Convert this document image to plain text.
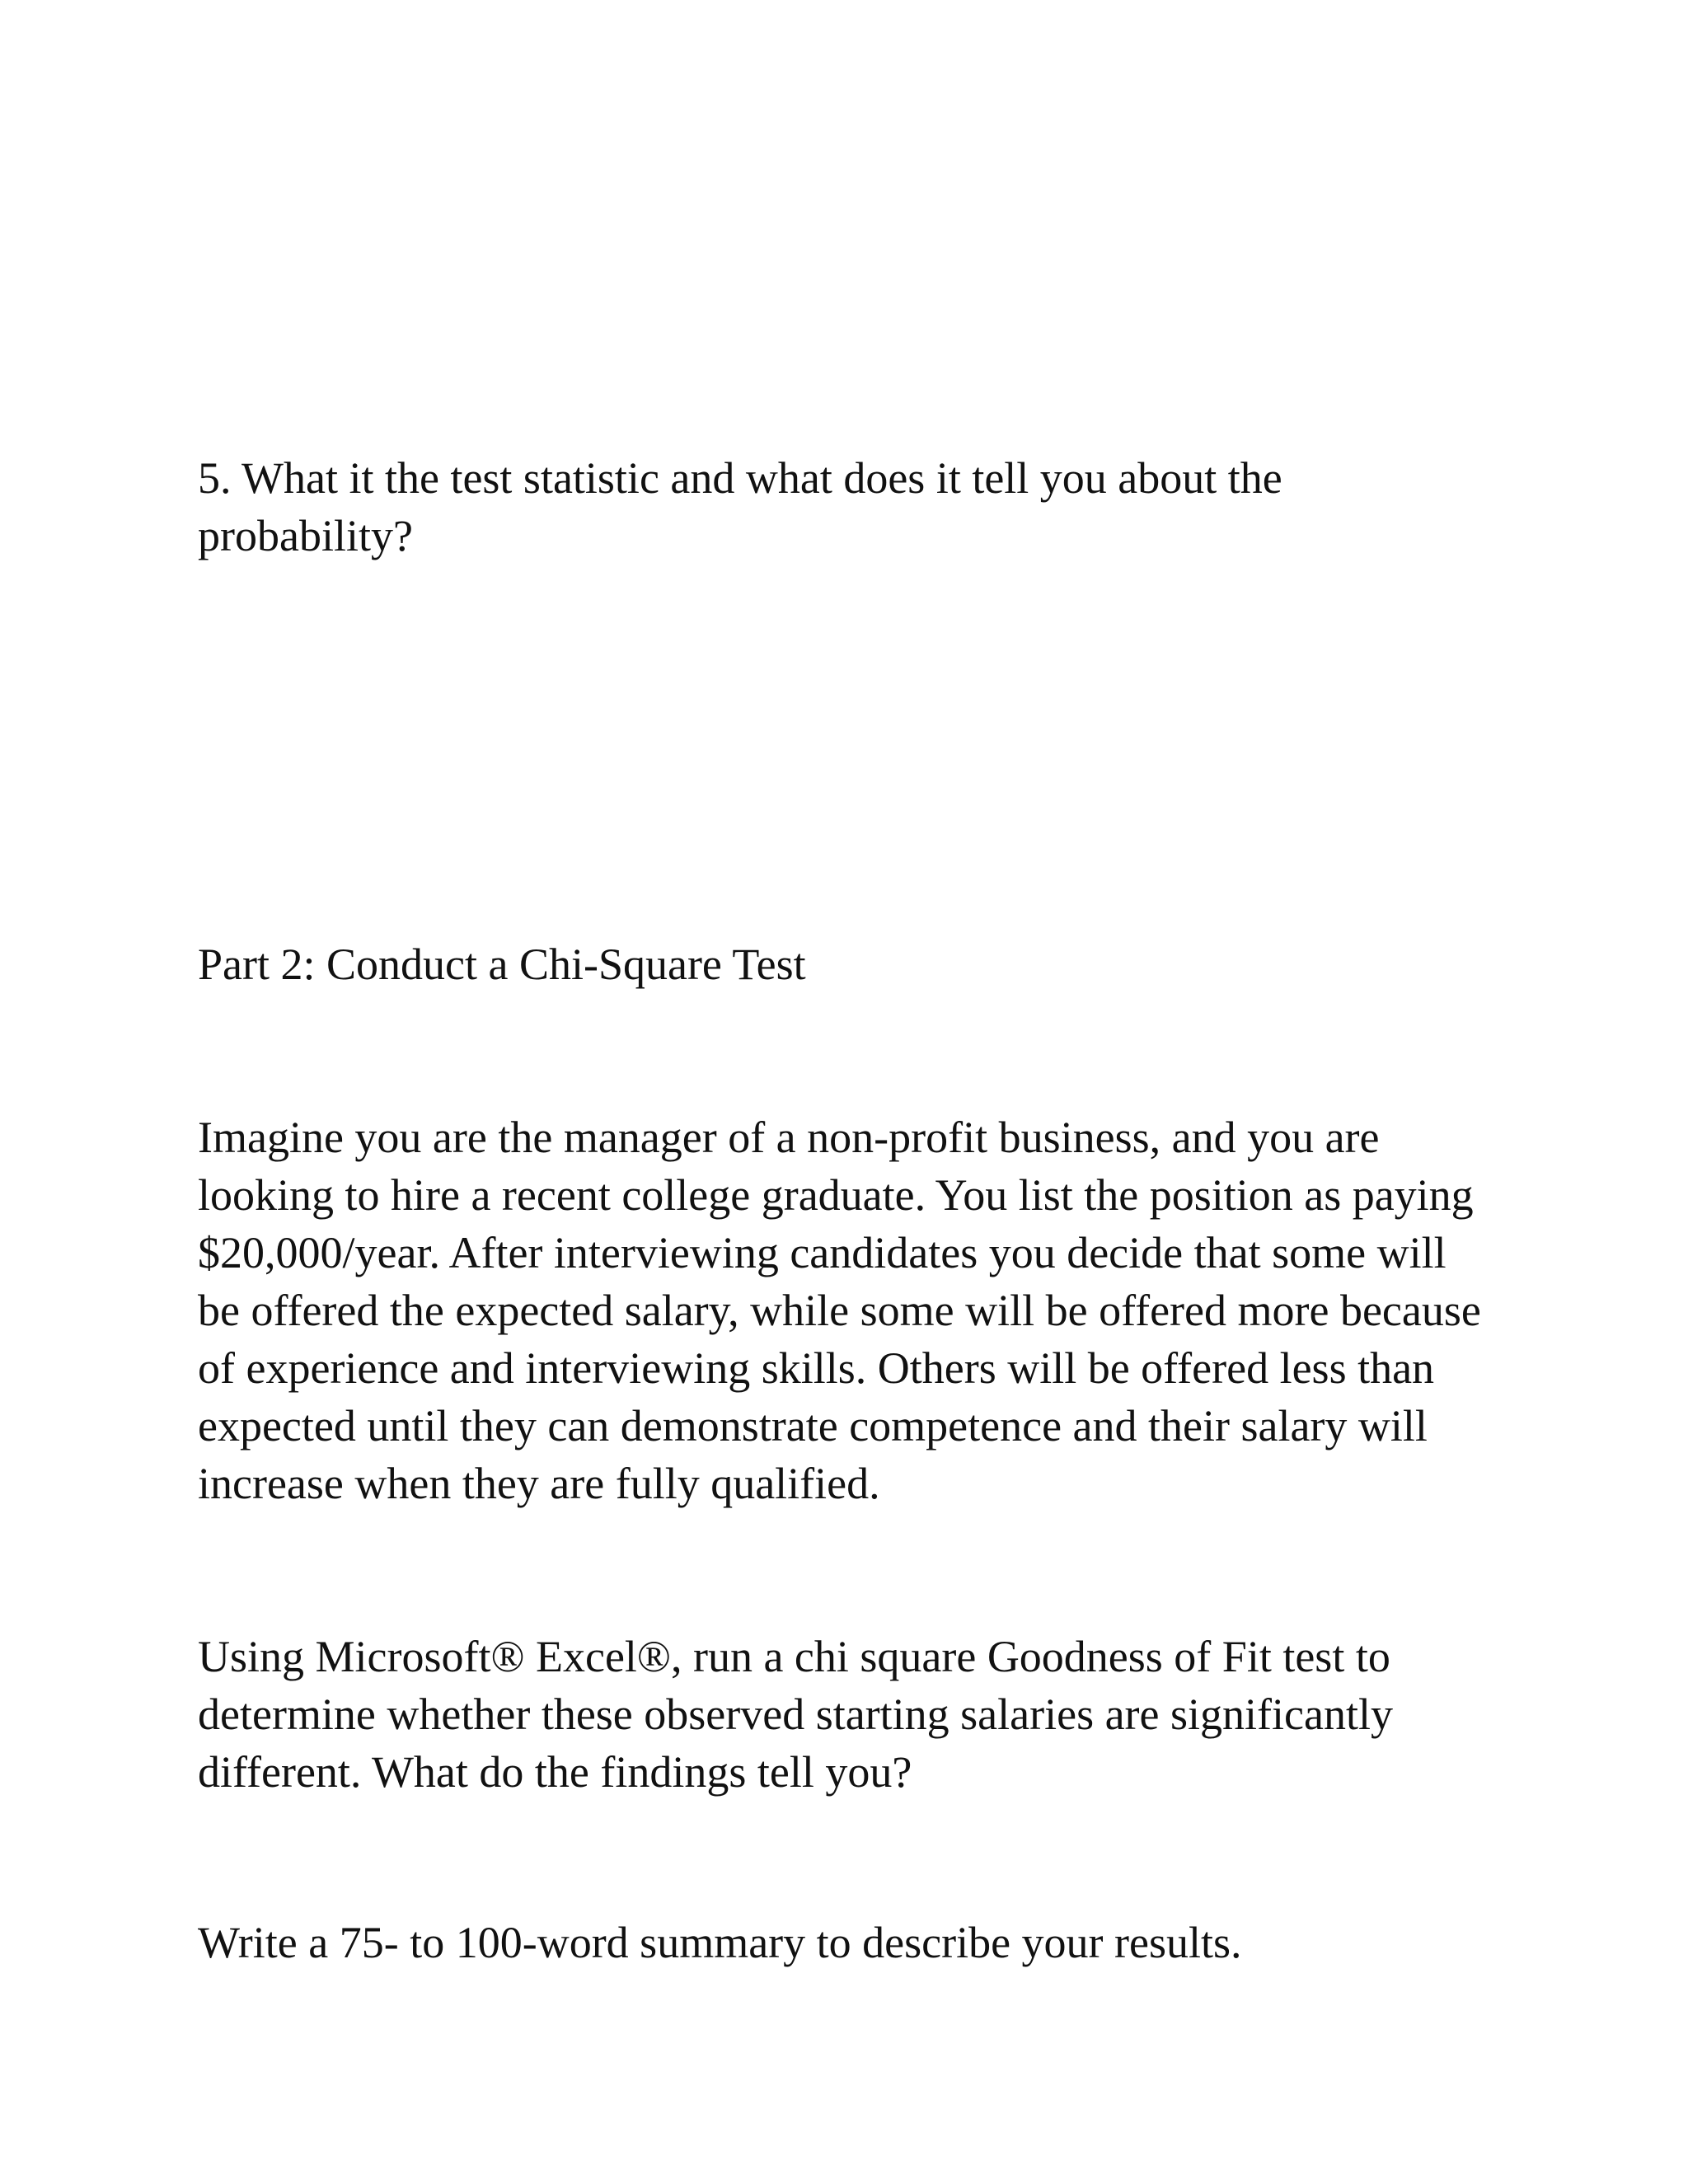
5. What it the test statistic and what does it tell you about the
probability?

Part 2: Conduct a Chi-Square Test

Imagine you are the manager of a non-profit business, and you are
looking to hire a recent college graduate. You list the position as paying
$20,000/year. After interviewing candidates you decide that some will
be offered the expected salary, while some will be offered more because
of experience and interviewing skills. Others will be offered less than
expected until they can demonstrate competence and their salary will
increase when they are fully qualified.

Using Microsoft® Excel®, run a chi square Goodness of Fit test to
determine whether these observed starting salaries are significantly
different. What do the findings tell you?

Write a 75- to 100-word summary to describe your results.
